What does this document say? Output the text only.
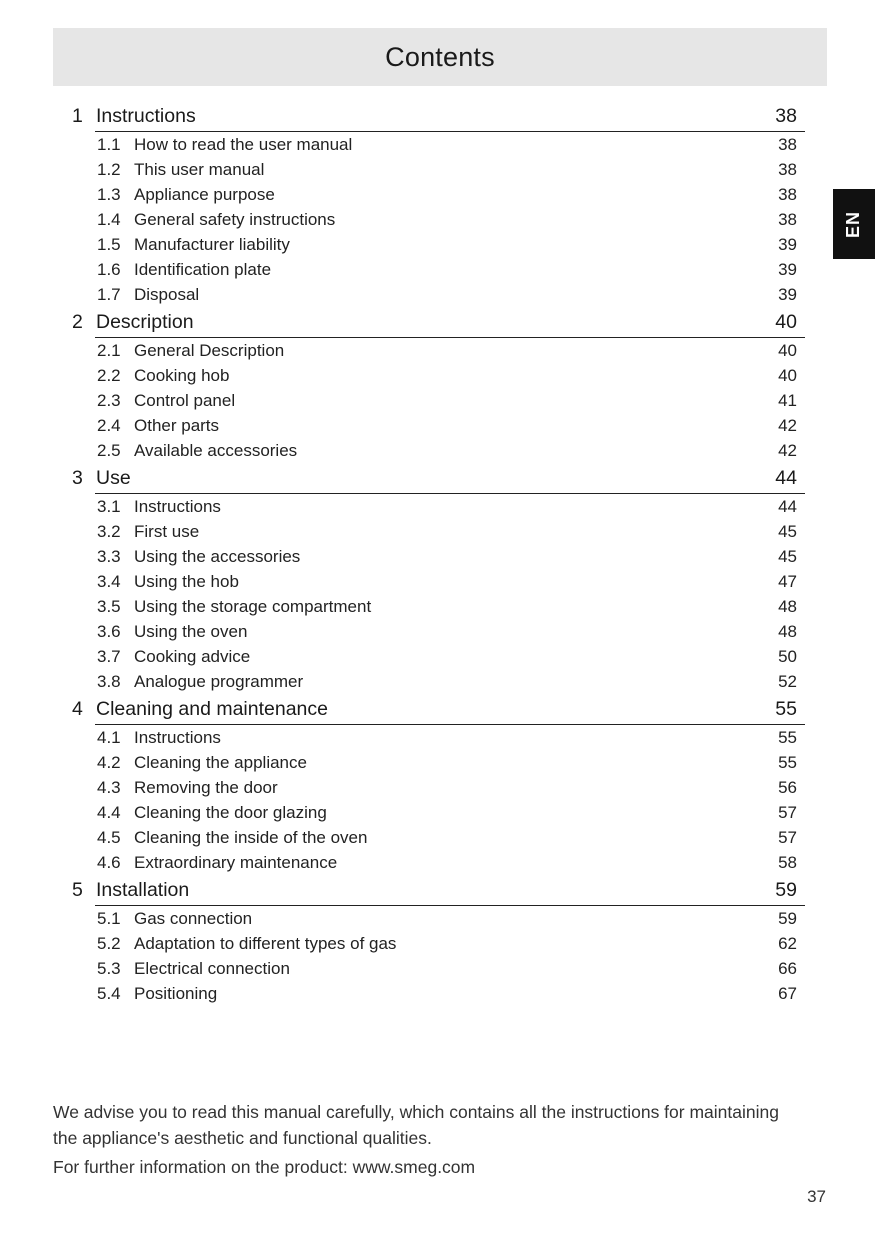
Contents
EN
1 Instructions	38
1.1 How to read the user manual	38
1.2 This user manual	38
1.3 Appliance purpose	38
1.4 General safety instructions	38
1.5 Manufacturer liability	39
1.6 Identification plate	39
1.7 Disposal	39
2 Description	40
2.1 General Description	40
2.2 Cooking hob	40
2.3 Control panel	41
2.4 Other parts	42
2.5 Available accessories	42
3 Use	44
3.1 Instructions	44
3.2 First use	45
3.3 Using the accessories	45
3.4 Using the hob	47
3.5 Using the storage compartment	48
3.6 Using the oven	48
3.7 Cooking advice	50
3.8 Analogue programmer	52
4 Cleaning and maintenance	55
4.1 Instructions	55
4.2 Cleaning the appliance	55
4.3 Removing the door	56
4.4 Cleaning the door glazing	57
4.5 Cleaning the inside of the oven	57
4.6 Extraordinary maintenance	58
5 Installation	59
5.1 Gas connection	59
5.2 Adaptation to different types of gas	62
5.3 Electrical connection	66
5.4 Positioning	67

We advise you to read this manual carefully, which contains all the instructions for maintaining the appliance's aesthetic and functional qualities.

For further information on the product: www.smeg.com

37
